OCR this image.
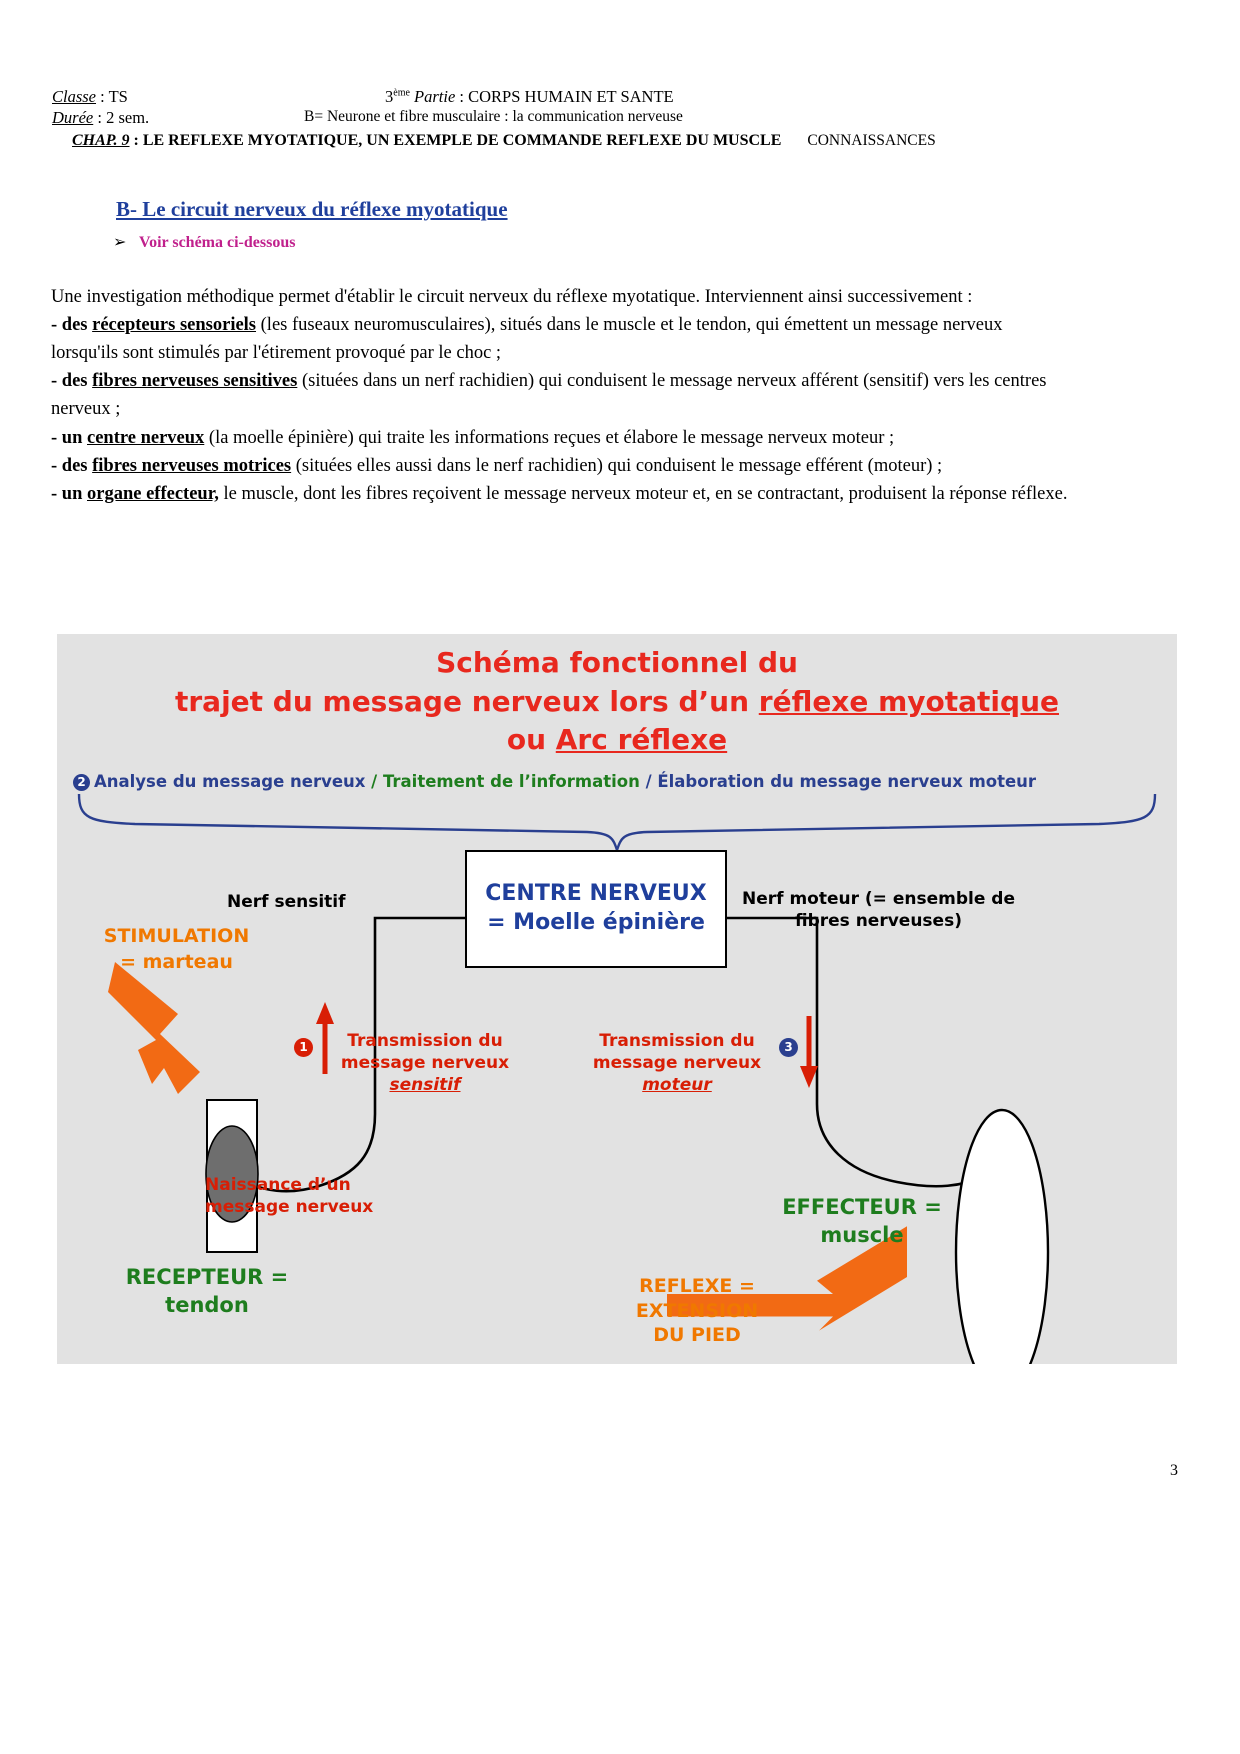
Classe : TS	3ème Partie : CORPS HUMAIN ET SANTE
Durée : 2 sem.	B= Neurone et fibre musculaire : la communication nerveuse
CHAP. 9 : LE REFLEXE MYOTATIQUE, UN EXEMPLE DE COMMANDE REFLEXE DU MUSCLE CONNAISSANCES
B- Le circuit nerveux du réflexe myotatique
➢ Voir schéma ci-dessous

Une investigation méthodique permet d'établir le circuit nerveux du réflexe myotatique. Interviennent ainsi successivement :

- des récepteurs sensoriels (les fuseaux neuromusculaires), situés dans le muscle et le tendon, qui émettent un message nerveux lorsqu'ils sont stimulés par l'étirement provoqué par le choc ;

- des fibres nerveuses sensitives (situées dans un nerf rachidien) qui conduisent le message nerveux afférent (sensitif) vers les centres nerveux ;

- un centre nerveux (la moelle épinière) qui traite les informations reçues et élabore le message nerveux moteur ;

- des fibres nerveuses motrices (situées elles aussi dans le nerf rachidien) qui conduisent le message efférent (moteur) ;

- un organe effecteur, le muscle, dont les fibres reçoivent le message nerveux moteur et, en se contractant, produisent la réponse réflexe.

Schéma fonctionnel du
trajet du message nerveux lors d’un réflexe myotatique
ou Arc réflexe
2 Analyse du message nerveux / Traitement de l’information / Élaboration du message nerveux moteur
CENTRE NERVEUX
= Moelle épinière
Nerf sensitif	Nerf moteur (= ensemble de
fibres nerveuses)
STIMULATION
= marteau
1	Transmission du
message nerveux
sensitif
3
Transmission du
message nerveux
moteur
Naissance d’un
message nerveux
RECEPTEUR =
tendon
EFFECTEUR =
muscle
REFLEXE =
EXTENSION
DU PIED
3
